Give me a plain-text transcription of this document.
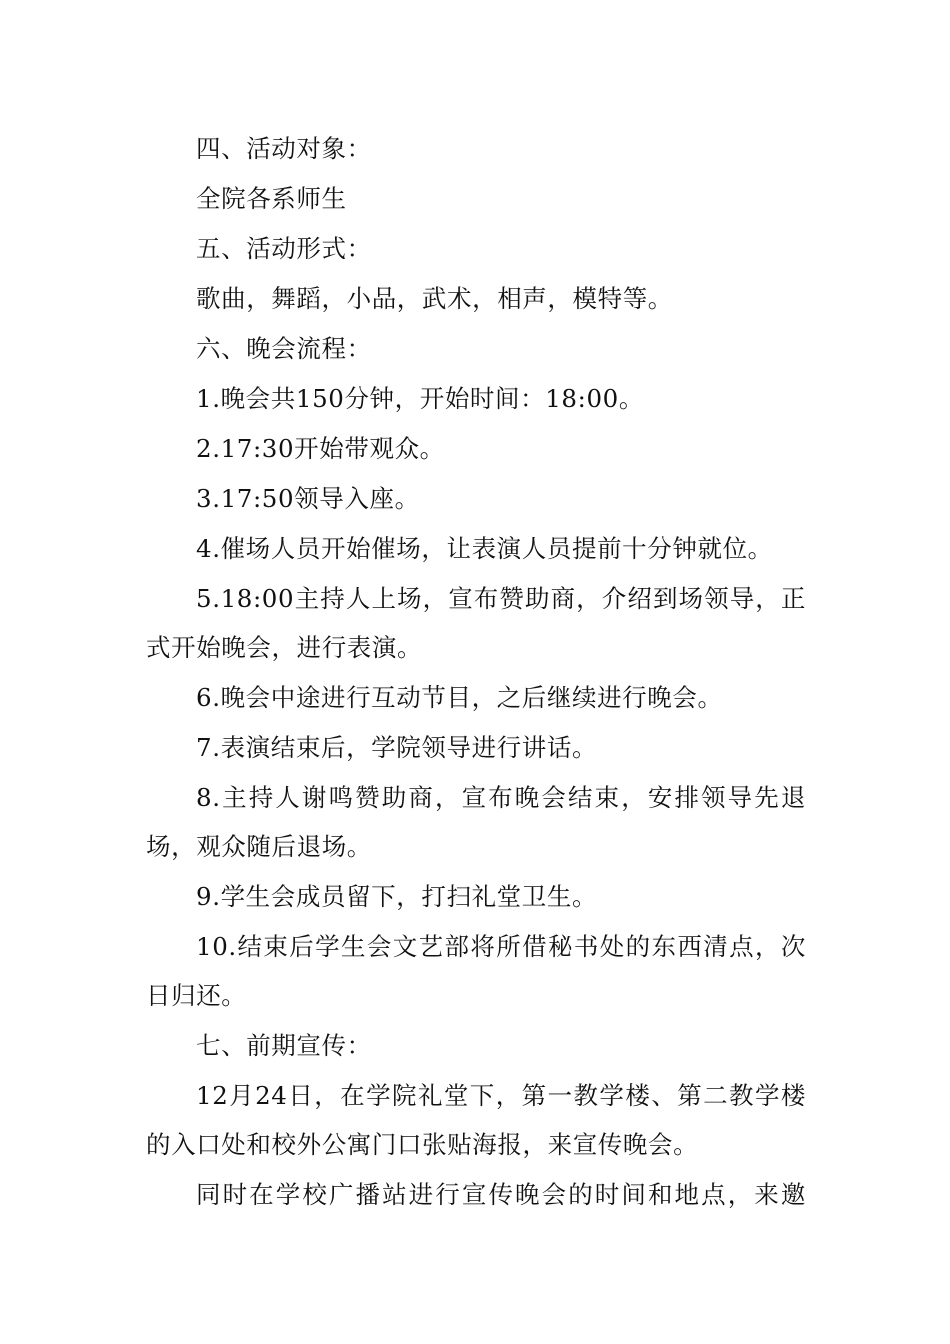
四、活动对象：
全院各系师生
五、活动形式：
歌曲，舞蹈，小品，武术，相声，模特等。
六、晚会流程：
1.晚会共150分钟，开始时间：18:00。
2.17:30开始带观众。
3.17:50领导入座。
4.催场人员开始催场，让表演人员提前十分钟就位。
5.18:00主持人上场，宣布赞助商，介绍到场领导，正
式开始晚会，进行表演。
6.晚会中途进行互动节目，之后继续进行晚会。
7.表演结束后，学院领导进行讲话。
8.主持人谢鸣赞助商，宣布晚会结束，安排领导先退
场，观众随后退场。
9.学生会成员留下，打扫礼堂卫生。
10.结束后学生会文艺部将所借秘书处的东西清点，次
日归还。
七、前期宣传：
12月24日，在学院礼堂下，第一教学楼、第二教学楼
的入口处和校外公寓门口张贴海报，来宣传晚会。
同时在学校广播站进行宣传晚会的时间和地点，来邀
